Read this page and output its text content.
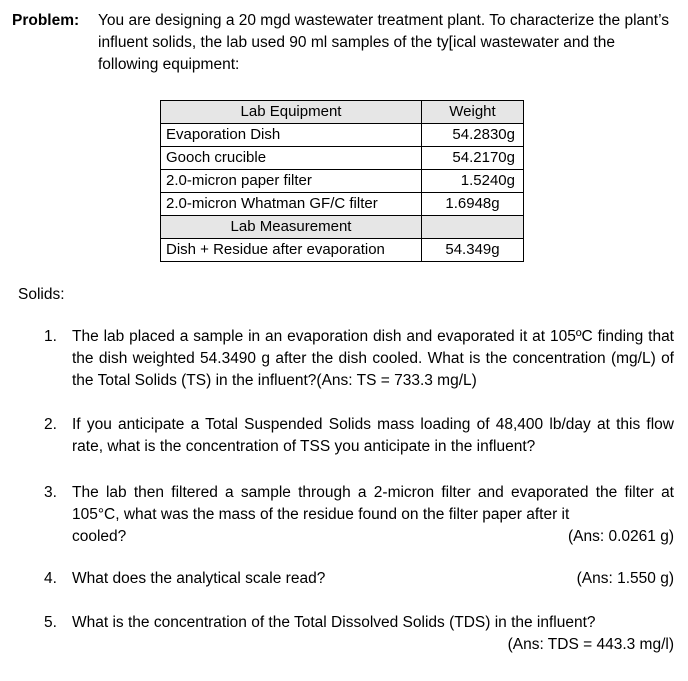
Problem: You are designing a 20 mgd wastewater treatment plant. To characterize the plant’s influent solids, the lab used 90 ml samples of the ty[ical wastewater and the following equipment:
Lab Equipment	Weight
Evaporation Dish	54.2830g
Gooch crucible	54.2170g
2.0-micron paper filter	1.5240g
2.0-micron Whatman GF/C filter	1.6948g
Lab Measurement	
Dish + Residue after evaporation	54.349g
Solids:
1. The lab placed a sample in an evaporation dish and evaporated it at 105ºC finding that the dish weighted 54.3490 g after the dish cooled. What is the concentration (mg/L) of the Total Solids (TS) in the influent?(Ans: TS = 733.3 mg/L)
2. If you anticipate a Total Suspended Solids mass loading of 48,400 lb/day at this flow rate, what is the concentration of TSS you anticipate in the influent?
3. The lab then filtered a sample through a 2-micron filter and evaporated the filter at 105°C, what was the mass of the residue found on the filter paper after it
cooled?	(Ans: 0.0261 g)
4. What does the analytical scale read?	(Ans: 1.550 g)
5. What is the concentration of the Total Dissolved Solids (TDS) in the influent?
(Ans: TDS = 443.3 mg/l)
